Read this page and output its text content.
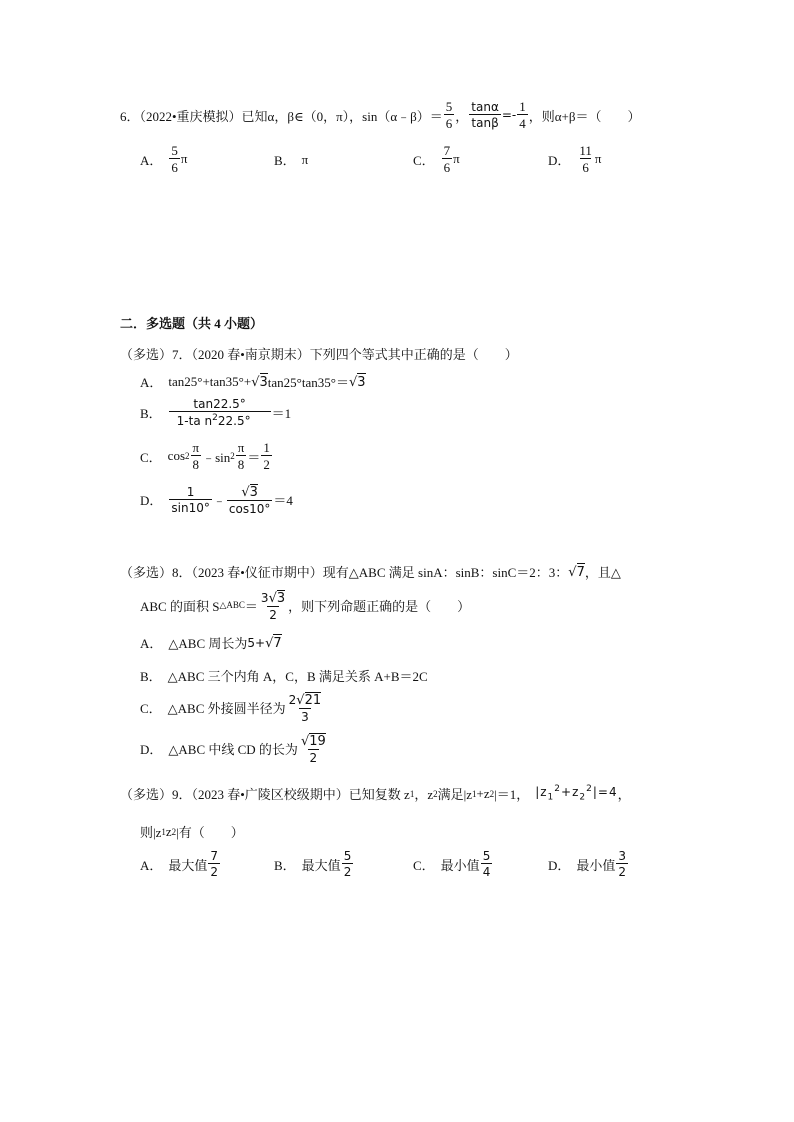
6．（2022•重庆模拟）已知α，β∈（0，π），sin（α﹣β）＝ $\frac{5}{6}$ ， $\frac{\tan\alpha}{\tan\beta} =- \frac{1}{4}$ ，则α+β＝（　　）
A． $\frac{5}{6}$ π	B． π	C． $\frac{7}{6}$ π	D． $\frac{11}{6}$ π
二．多选题（共 4 小题）
（多选）7．（2020 春•南京期末）下列四个等式其中正确的是（　　）
A． tan25°+tan35°+ √ 3 tan25°tan35°＝ √ 3
B． $\frac{\tan 22.5^\circ}{1-ta n^222.5^\circ} =1$
C． $\cos 2 \frac{\pi}{8}$ ﹣sin $2 \frac{\pi}{8} = \frac{1}{2}$
D． $\frac{1}{\sin 10^\circ}$ ﹣ $\frac{√ 3}{\cos 10^\circ} =4$
（多选）8．（2023 春•仪征市期中）现有△ABC 满足 sinA：sinB：sinC＝2：3： √ 7 ，且△
ABC 的面积 S △ABC ＝ $\frac{3 √ 3}{2}$ ，则下列命题正确的是（　　）
A． △ABC 周长为 5+ √ 7
B． △ABC 三个内角 A，C，B 满足关系 A+B＝2C
C． △ABC 外接圆半径为 $\frac{2 √ 21}{3}$
D． △ABC 中线 CD 的长为 $\frac{√ 19}{2}$
（多选）9．（2023 春•广陵区校级期中）已知复数 z 1 ，z 2 满足|z 1 +z 2 |＝1， $|z_1^2+z_2^2|=4$ ，
则|z 1 z 2 |有（　　）
A． 最大值 $\frac{7}{2}$	B． 最大值 $\frac{5}{2}$	C． 最小值 $\frac{5}{4}$	D． 最小值 $\frac{3}{2}$
